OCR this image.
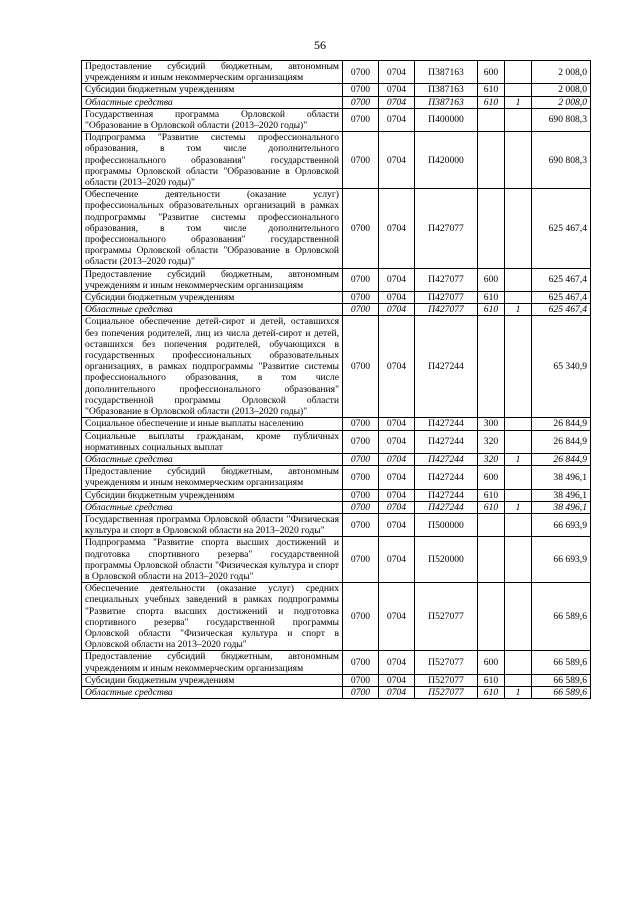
56
Предоставление субсидий бюджетным, автономным учреждениям и иным некоммерческим организациям	0700	0704	П387163	600		2 008,0
Субсидии бюджетным учреждениям	0700	0704	П387163	610		2 008,0
Областные средства	0700	0704	П387163	610	1	2 008,0
Государственная программа Орловской области "Образование в Орловской области (2013–2020 годы)"	0700	0704	П400000			690 808,3
Подпрограмма "Развитие системы профессионального образования, в том числе дополнительного профессионального образования" государственной программы Орловской области "Образование в Орловской области (2013–2020 годы)"	0700	0704	П420000			690 808,3
Обеспечение деятельности (оказание услуг) профессиональных образовательных организаций в рамках подпрограммы "Развитие системы профессионального образования, в том числе дополнительного профессионального образования" государственной программы Орловской области "Образование в Орловской области (2013–2020 годы)"	0700	0704	П427077			625 467,4
Предоставление субсидий бюджетным, автономным учреждениям и иным некоммерческим организациям	0700	0704	П427077	600		625 467,4
Субсидии бюджетным учреждениям	0700	0704	П427077	610		625 467,4
Областные средства	0700	0704	П427077	610	1	625 467,4
Социальное обеспечение детей-сирот и детей, оставшихся без попечения родителей, лиц из числа детей-сирот и детей, оставшихся без попечения родителей, обучающихся в государственных профессиональных образовательных организациях, в рамках подпрограммы "Развитие системы профессионального образования, в том числе дополнительного профессионального образования" государственной программы Орловской области "Образование в Орловской области (2013–2020 годы)"	0700	0704	П427244			65 340,9
Социальное обеспечение и иные выплаты населению	0700	0704	П427244	300		26 844,9
Социальные выплаты гражданам, кроме публичных нормативных социальных выплат	0700	0704	П427244	320		26 844,9
Областные средства	0700	0704	П427244	320	1	26 844,9
Предоставление субсидий бюджетным, автономным учреждениям и иным некоммерческим организациям	0700	0704	П427244	600		38 496,1
Субсидии бюджетным учреждениям	0700	0704	П427244	610		38 496,1
Областные средства	0700	0704	П427244	610	1	38 496,1
Государственная программа Орловской области "Физическая культура и спорт в Орловской области на 2013–2020 годы"	0700	0704	П500000			66 693,9
Подпрограмма "Развитие спорта высших достижений и подготовка спортивного резерва" государственной программы Орловской области "Физическая культура и спорт в Орловской области на 2013–2020 годы"	0700	0704	П520000			66 693,9
Обеспечение деятельности (оказание услуг) средних специальных учебных заведений в рамках подпрограммы "Развитие спорта высших достижений и подготовка спортивного резерва" государственной программы Орловской области "Физическая культура и спорт в Орловской области на 2013–2020 годы"	0700	0704	П527077			66 589,6
Предоставление субсидий бюджетным, автономным учреждениям и иным некоммерческим организациям	0700	0704	П527077	600		66 589,6
Субсидии бюджетным учреждениям	0700	0704	П527077	610		66 589,6
Областные средства	0700	0704	П527077	610	1	66 589,6
